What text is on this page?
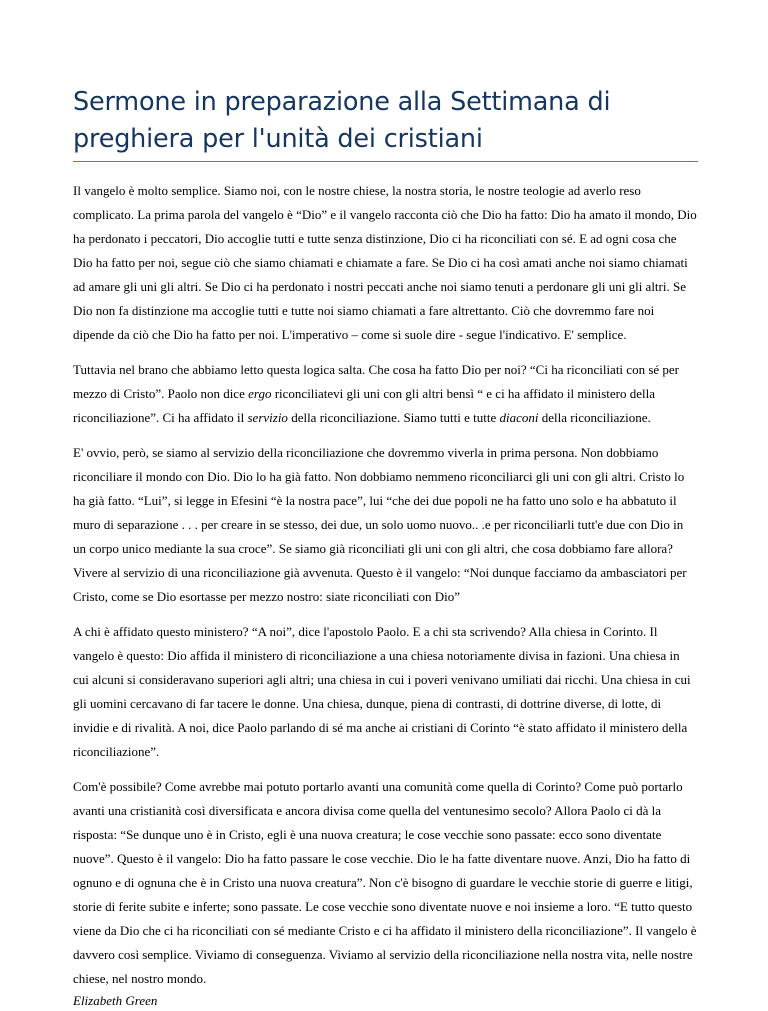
Sermone in preparazione alla Settimana di
preghiera per l'unità dei cristiani

Il vangelo è molto semplice. Siamo noi, con le nostre chiese, la nostra storia, le nostre teologie ad averlo reso complicato. La prima parola del vangelo è “Dio” e il vangelo racconta ciò che Dio ha fatto: Dio ha amato il mondo, Dio ha perdonato i peccatori, Dio accoglie tutti e tutte senza distinzione, Dio ci ha riconciliati con sé. E ad ogni cosa che Dio ha fatto per noi, segue ciò che siamo chiamati e chiamate a fare. Se Dio ci ha così amati anche noi siamo chiamati ad amare gli uni gli altri. Se Dio ci ha perdonato i nostri peccati anche noi siamo tenuti a perdonare gli uni gli altri. Se Dio non fa distinzione ma accoglie tutti e tutte noi siamo chiamati a fare altrettanto. Ciò che dovremmo fare noi dipende da ciò che Dio ha fatto per noi. L'imperativo – come si suole dire - segue l'indicativo. E' semplice.

Tuttavia nel brano che abbiamo letto questa logica salta. Che cosa ha fatto Dio per noi? “Ci ha riconciliati con sé per mezzo di Cristo”. Paolo non dice ergo riconciliatevi gli uni con gli altri bensì “ e ci ha affidato il ministero della riconciliazione”. Ci ha affidato il servizio della riconciliazione. Siamo tutti e tutte diaconi della riconciliazione.

E' ovvio, però, se siamo al servizio della riconciliazione che dovremmo viverla in prima persona. Non dobbiamo riconciliare il mondo con Dio. Dio lo ha già fatto. Non dobbiamo nemmeno riconciliarci gli uni con gli altri. Cristo lo ha già fatto. “Lui”, si legge in Efesini “è la nostra pace”, lui “che dei due popoli ne ha fatto uno solo e ha abbatuto il muro di separazione . . . per creare in se stesso, dei due, un solo uomo nuovo.. .e per riconciliarli tutt'e due con Dio in un corpo unico mediante la sua croce”. Se siamo già riconciliati gli uni con gli altri, che cosa dobbiamo fare allora? Vivere al servizio di una riconciliazione già avvenuta. Questo è il vangelo: “Noi dunque facciamo da ambasciatori per Cristo, come se Dio esortasse per mezzo nostro: siate riconciliati con Dio”

A chi è affidato questo ministero? “A noi”, dice l'apostolo Paolo. E a chi sta scrivendo? Alla chiesa in Corinto. Il vangelo è questo: Dio affida il ministero di riconciliazione a una chiesa notoriamente divisa in fazioni. Una chiesa in cui alcuni si consideravano superiori agli altri; una chiesa in cui i poveri venivano umiliati dai ricchi. Una chiesa in cui gli uomini cercavano di far tacere le donne. Una chiesa, dunque, piena di contrasti, di dottrine diverse, di lotte, di invidie e di rivalità. A noi, dice Paolo parlando di sé ma anche ai cristiani di Corinto “è stato affidato il ministero della riconciliazione”.

Com'è possibile? Come avrebbe mai potuto portarlo avanti una comunità come quella di Corinto? Come può portarlo avanti una cristianità così diversificata e ancora divisa come quella del ventunesimo secolo? Allora Paolo ci dà la risposta: “Se dunque uno è in Cristo, egli è una nuova creatura; le cose vecchie sono passate: ecco sono diventate nuove”. Questo è il vangelo: Dio ha fatto passare le cose vecchie. Dio le ha fatte diventare nuove. Anzi, Dio ha fatto di ognuno e di ognuna che è in Cristo una nuova creatura”. Non c'è bisogno di guardare le vecchie storie di guerre e litigi, storie di ferite subite e inferte; sono passate. Le cose vecchie sono diventate nuove e noi insieme a loro. “E tutto questo viene da Dio che ci ha riconciliati con sé mediante Cristo e ci ha affidato il ministero della riconciliazione”. Il vangelo è davvero così semplice. Viviamo di conseguenza. Viviamo al servizio della riconciliazione nella nostra vita, nelle nostre chiese, nel nostro mondo.

Elizabeth Green
